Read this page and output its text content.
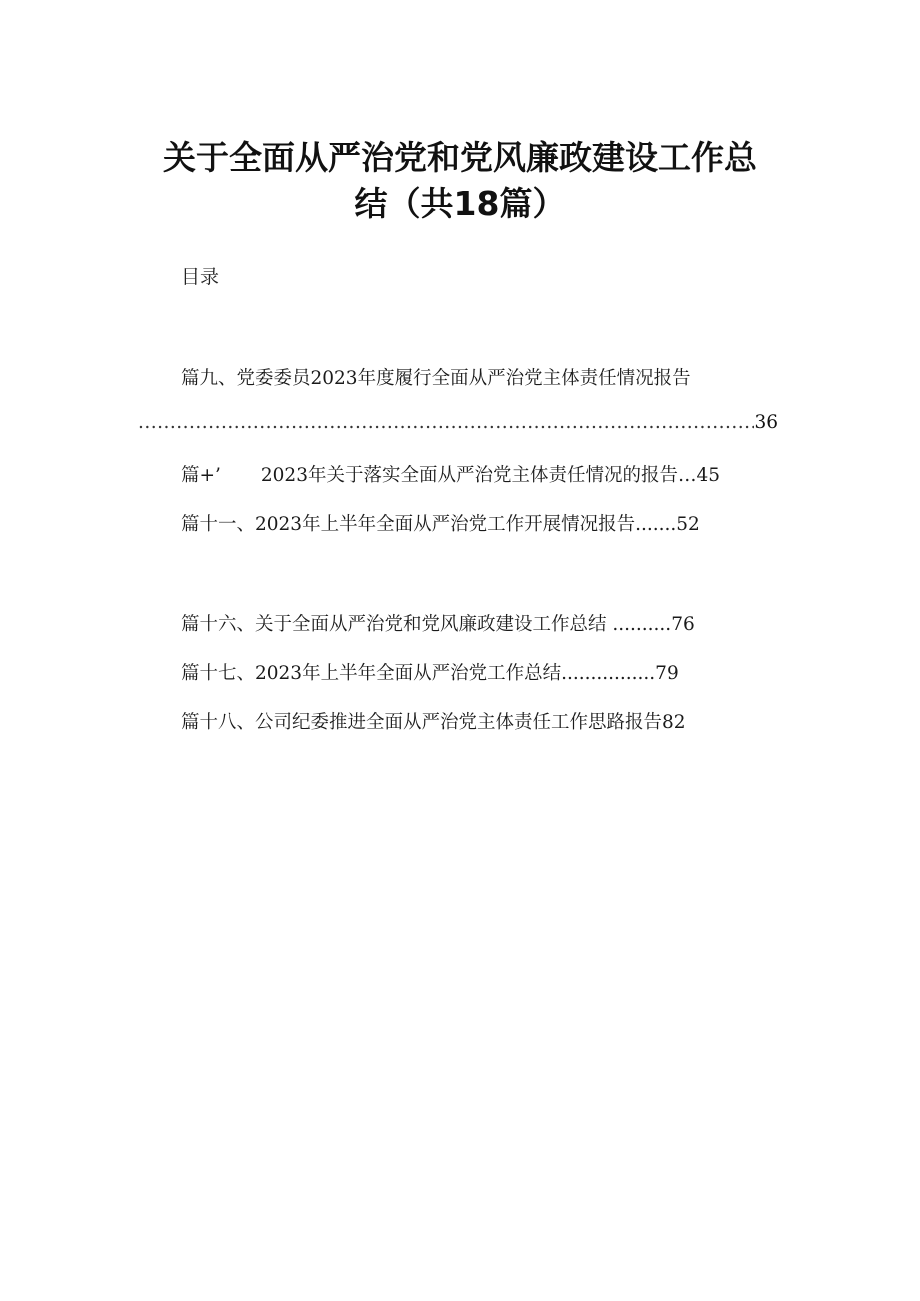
关于全面从严治党和党风廉政建设工作总
结（共18篇）
目录
篇九、党委委员2023年度履行全面从严治党主体责任情况报告
.....
36
篇+’ 2023年关于落实全面从严治党主体责任情况的报告…45
篇十一、2023年上半年全面从严治党工作开展情况报告.......52
篇十六、关于全面从严治党和党风廉政建设工作总结 ..........76
篇十七、2023年上半年全面从严治党工作总结................79
篇十八、公司纪委推进全面从严治党主体责任工作思路报告82
